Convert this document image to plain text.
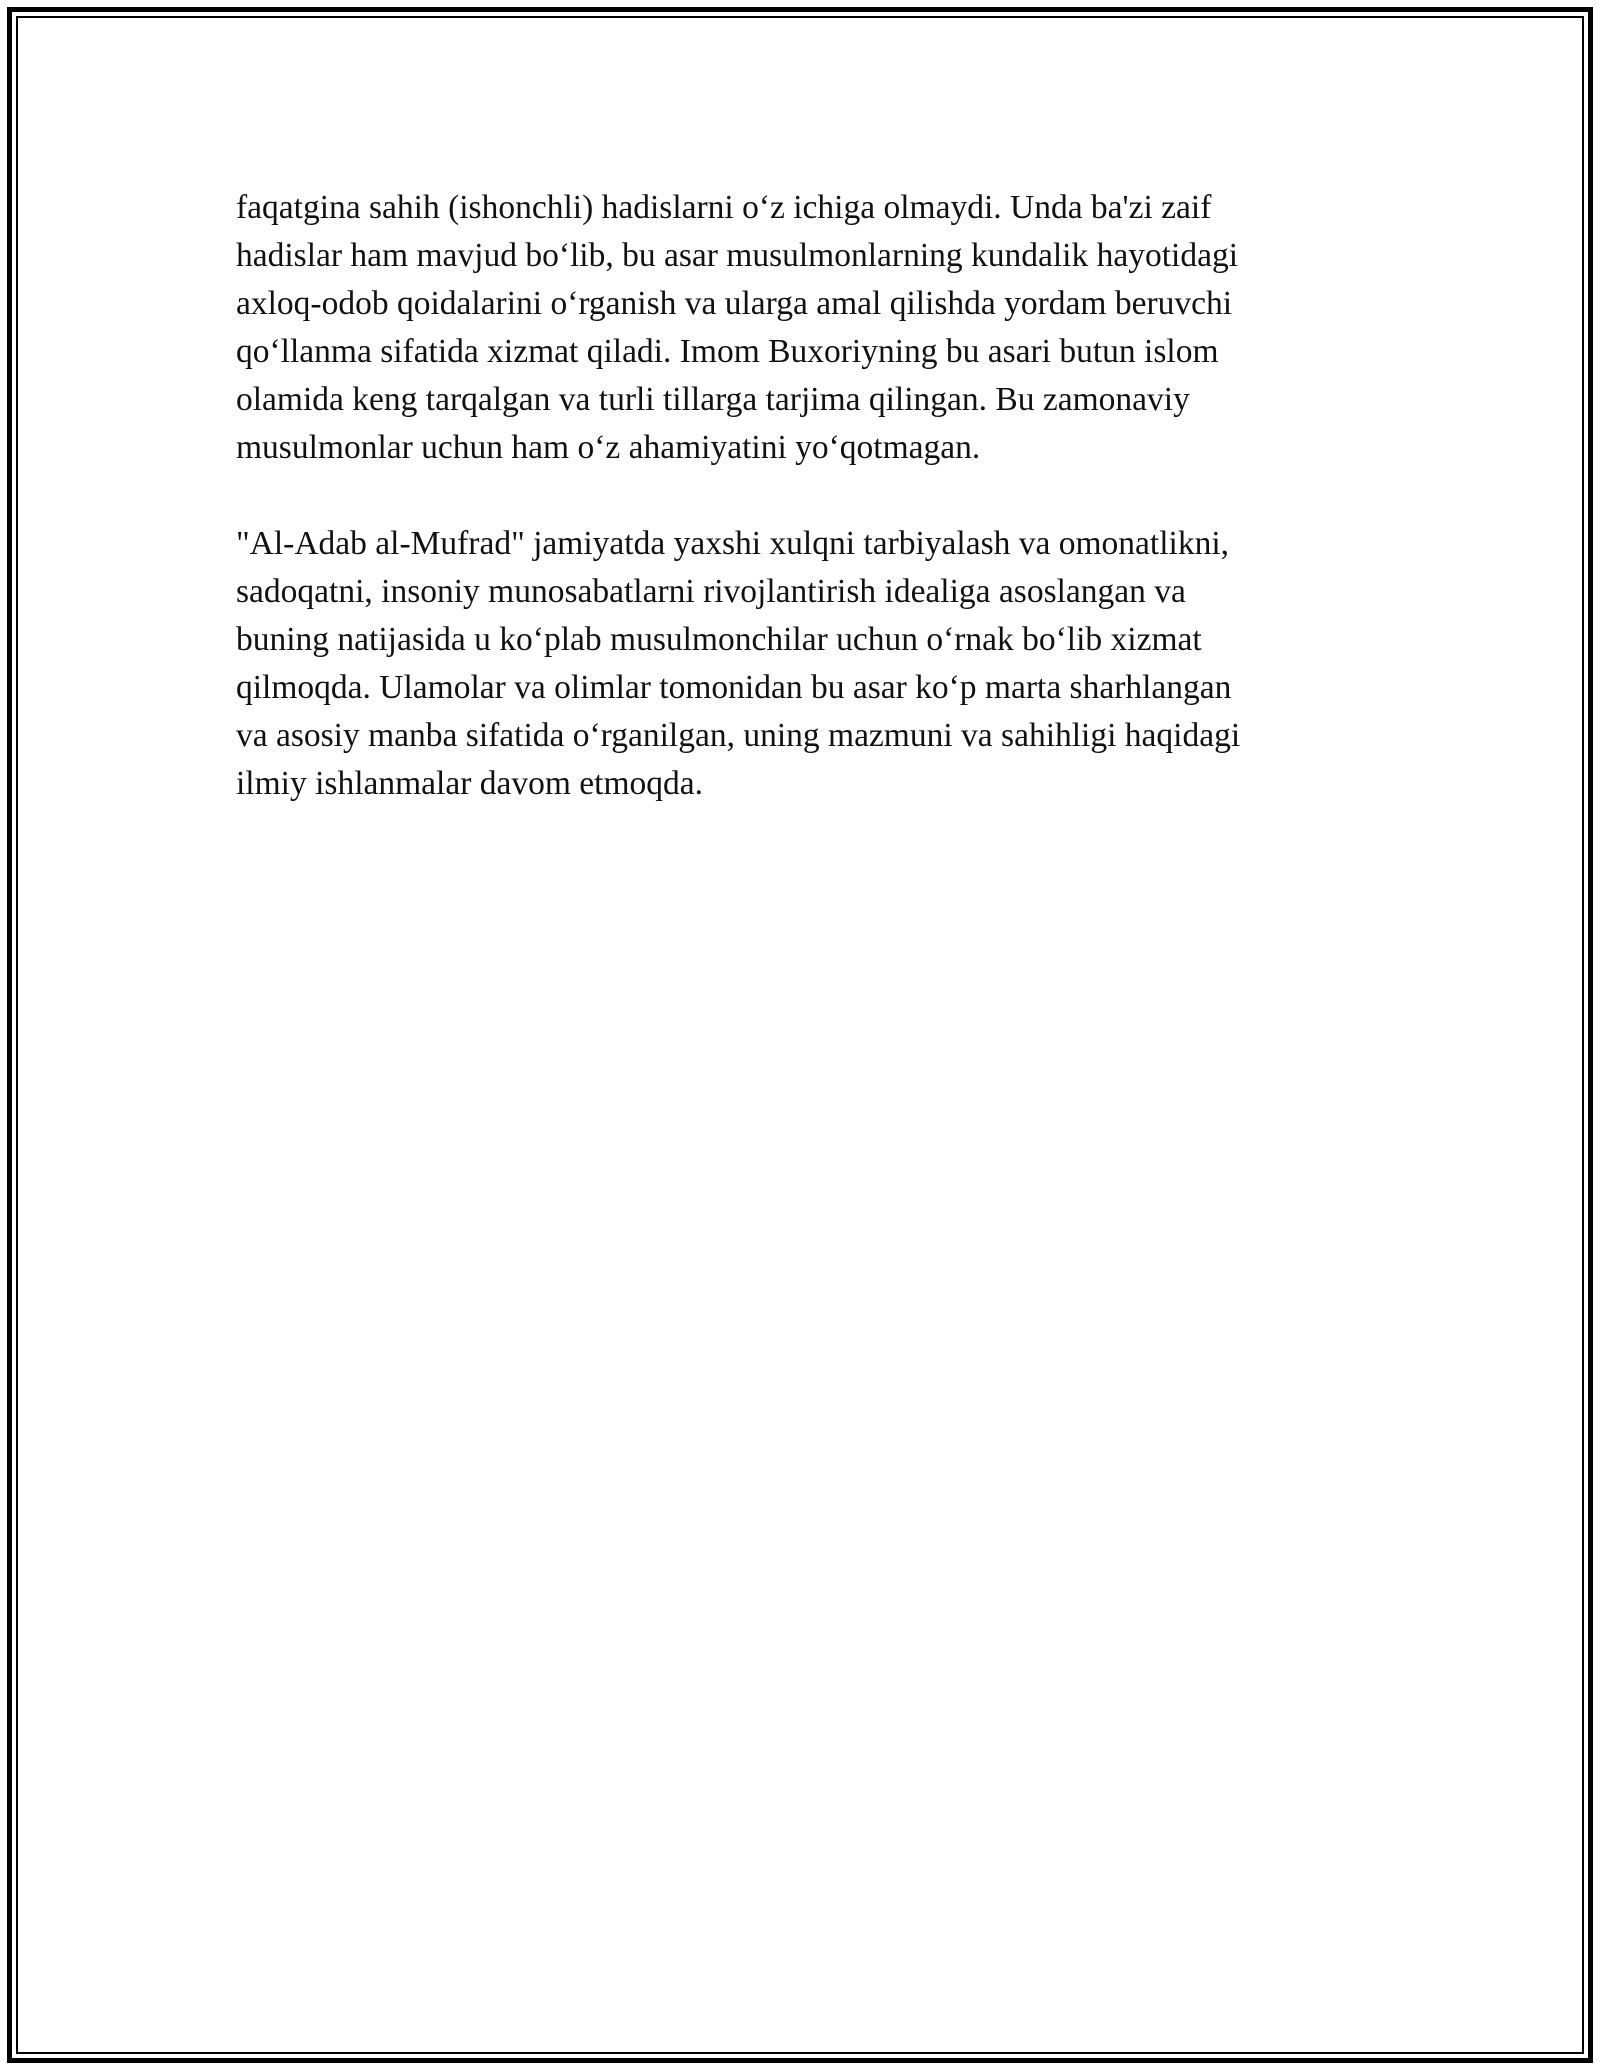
faqatgina sahih (ishonchli) hadislarni o‘z ichiga olmaydi. Unda ba'zi zaif
hadislar ham mavjud bo‘lib, bu asar musulmonlarning kundalik hayotidagi
axloq-odob qoidalarini o‘rganish va ularga amal qilishda yordam beruvchi
qo‘llanma sifatida xizmat qiladi. Imom Buxoriyning bu asari butun islom
olamida keng tarqalgan va turli tillarga tarjima qilingan. Bu zamonaviy
musulmonlar uchun ham o‘z ahamiyatini yo‘qotmagan.

"Al-Adab al-Mufrad" jamiyatda yaxshi xulqni tarbiyalash va omonatlikni,
sadoqatni, insoniy munosabatlarni rivojlantirish idealiga asoslangan va
buning natijasida u ko‘plab musulmonchilar uchun o‘rnak bo‘lib xizmat
qilmoqda. Ulamolar va olimlar tomonidan bu asar ko‘p marta sharhlangan
va asosiy manba sifatida o‘rganilgan, uning mazmuni va sahihligi haqidagi
ilmiy ishlanmalar davom etmoqda.
